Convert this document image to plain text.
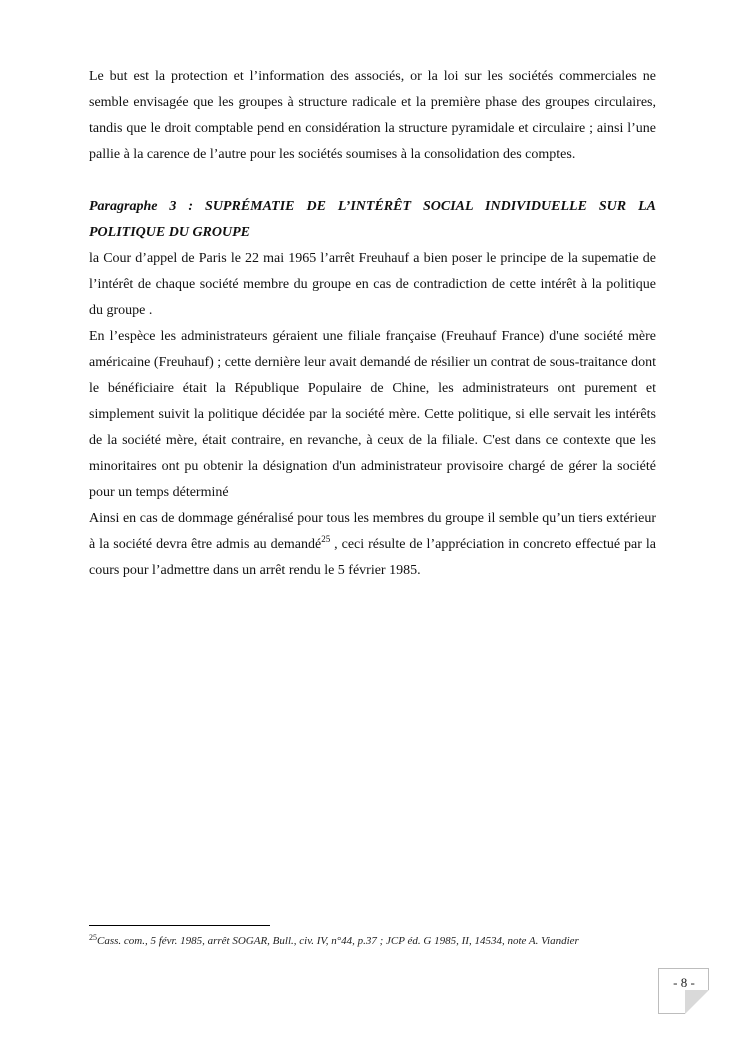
Le but est la protection et l’information des associés, or la loi sur les sociétés commerciales ne semble envisagée que les groupes à structure radicale et la première phase des groupes circulaires, tandis que le droit comptable pend en considération la structure pyramidale et circulaire ; ainsi l’une pallie à la carence de l’autre pour les sociétés soumises à la consolidation des comptes.

Paragraphe 3 : SUPRÉMATIE DE L’INTÉRÊT SOCIAL INDIVIDUELLE SUR LA POLITIQUE DU GROUPE

la Cour d’appel de Paris le 22 mai 1965 l’arrêt Freuhauf a bien poser le principe de la supematie de l’intérêt de chaque société membre du groupe en cas de contradiction de cette intérêt à la politique du groupe .

En l’espèce les administrateurs géraient une filiale française (Freuhauf France) d'une société mère américaine (Freuhauf) ; cette dernière leur avait demandé de résilier un contrat de sous-traitance dont le bénéficiaire était la République Populaire de Chine, les administrateurs ont purement et simplement suivit la politique décidée par la société mère. Cette politique, si elle servait les intérêts de la société mère, était contraire, en revanche, à ceux de la filiale. C'est dans ce contexte que les minoritaires ont pu obtenir la désignation d'un administrateur provisoire chargé de gérer la société pour un temps déterminé

Ainsi en cas de dommage généralisé pour tous les membres du groupe il semble qu’un tiers extérieur à la société devra être admis au demandé$^{25}$ , ceci résulte de l’appréciation in concreto effectué par la cours pour l’admettre dans un arrêt rendu le 5 février 1985.

$^{25}$Cass. com., 5 févr. 1985, arrêt SOGAR, Bull., civ. IV, n°44, p.37 ; JCP éd. G 1985, II, 14534, note A. Viandier
- 8 -
